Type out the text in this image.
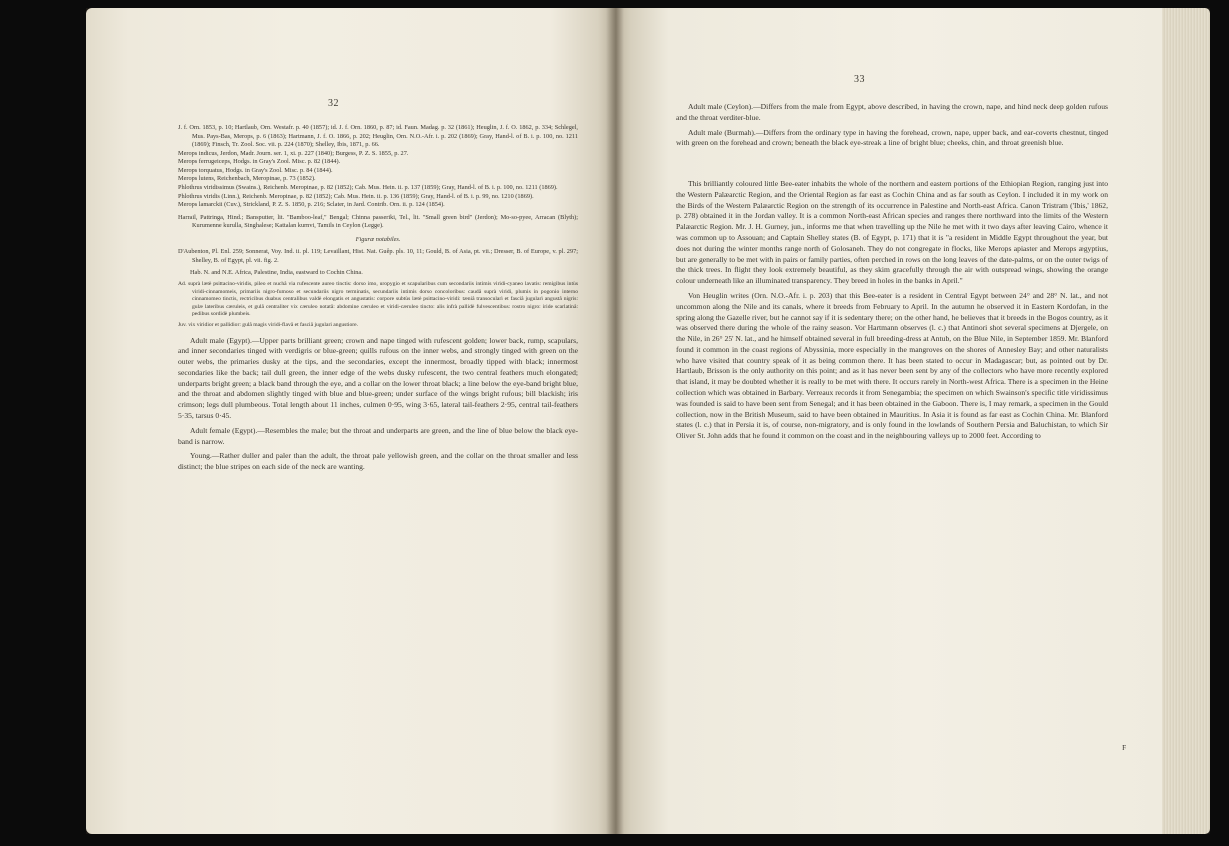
32

J. f. Orn. 1853, p. 10; Hartlaub, Orn. Westafr. p. 40 (1857); id. J. f. Orn. 1860, p. 87; id. Faun. Madag. p. 32 (1861); Heuglin, J. f. O. 1862, p. 334; Schlegel, Mus. Pays-Bas, Merops, p. 6 (1863); Hartmann, J. f. O. 1866, p. 202; Heuglin, Orn. N.O.-Afr. i. p. 202 (1869); Gray, Hand-l. of B. i. p. 100, no. 1211 (1869); Finsch, Tr. Zool. Soc. vii. p. 224 (1870); Shelley, Ibis, 1871, p. 66.

Merops indicus, Jerdon, Madr. Journ. ser. 1, xi. p. 227 (1840); Burgess, P. Z. S. 1855, p. 27.

Merops ferrugeiceps, Hodgs. in Gray's Zool. Misc. p. 82 (1844).

Merops torquatus, Hodgs. in Gray's Zool. Misc. p. 84 (1844).

Merops lutens, Reichenbach, Meropinae, p. 73 (1852).

Phlothrus viridissimus (Swains.), Reichenb. Meropinae, p. 82 (1852); Cab. Mus. Hein. ii. p. 137 (1859); Gray, Hand-l. of B. i. p. 100, no. 1211 (1869).

Phlothrus viridis (Linn.), Reichenb. Meropinae, p. 82 (1852); Cab. Mus. Hein. ii. p. 136 (1859); Gray, Hand-l. of B. i. p. 99, no. 1210 (1869).

Merops lamarckii (Cuv.), Strickland, P. Z. S. 1850, p. 216; Sclater, in Jard. Contrib. Orn. ii. p. 124 (1854).

Harrail, Pattringa, Hind.; Bansputter, lit. "Bamboo-leaf," Bengal; Chinna passeriki, Tel., lit. "Small green bird" (Jerdon); Mo-so-pyee, Arracan (Blyth); Kurumenne kurulla, Singhalese; Kattalan kurnvi, Tamils in Ceylon (Legge).

Figuræ notabiles.

D'Aubenton, Pl. Enl. 259; Sonnerat, Voy. Ind. ii. pl. 119; Levaillant, Hist. Nat. Guêp. pls. 10, 11; Gould, B. of Asia, pt. vii.; Dresser, B. of Europe, v. pl. 297; Shelley, B. of Egypt, pl. vii. fig. 2.

Hab. N. and N.E. Africa, Palestine, India, eastward to Cochin China.

Ad. suprà lætè psittacino-viridis, pileo et nuchâ via rufescente aureo tinctis: dorso imo, uropygio et scapularibus cum secondariis intimis viridi-cyaneo lavatis: remigibus intùs viridi-cinnamomeis, primariis nigro-fumoso et secundariis nigro terminatis, secundariis intimis dorso concoloribus: caudâ suprà viridi, plumis in pogonio interno cinnamomeo tinctis, rectricibus duabus centralibus valdè elongatis et angustatis: corpore subtùs lætè psittacino-viridi: tæniâ transocularì et fasciâ jugularì angustâ nigris: gulæ lateribus cæruleis, et gulâ centraliter vix cæruleo notatâ: abdomine cæruleo et viridi-cæruleo tincto: alis infrà pallidè fulvescentibus: rostro nigro: iride scarlatinâ: pedibus sordidè plumbeis.

Juv. vix viridior et pallidior: gulâ magis viridi-flavâ et fasciâ jugulari angustiore.

Adult male (Egypt).—Upper parts brilliant green; crown and nape tinged with rufescent golden; lower back, rump, scapulars, and inner secondaries tinged with verdigris or blue-green; quills rufous on the inner webs, and strongly tinged with green on the outer webs, the primaries dusky at the tips, and the secondaries, except the innermost, broadly tipped with black; innermost secondaries like the back; tail dull green, the inner edge of the webs dusky rufescent, the two central feathers much elongated; underparts bright green; a black band through the eye, and a collar on the lower throat black; a line below the eye-band bright blue, and the throat and abdomen slightly tinged with blue and blue-green; under surface of the wings bright rufous; bill blackish; iris crimson; legs dull plumbeous. Total length about 11 inches, culmen 0·95, wing 3·65, lateral tail-feathers 2·95, central tail-feathers 5·35, tarsus 0·45.

Adult female (Egypt).—Resembles the male; but the throat and underparts are green, and the line of blue below the black eye-band is narrow.

Young.—Rather duller and paler than the adult, the throat pale yellowish green, and the collar on the throat smaller and less distinct; the blue stripes on each side of the neck are wanting.

33

Adult male (Ceylon).—Differs from the male from Egypt, above described, in having the crown, nape, and hind neck deep golden rufous and the throat verditer-blue.

Adult male (Burmah).—Differs from the ordinary type in having the forehead, crown, nape, upper back, and ear-coverts chestnut, tinged with green on the forehead and crown; beneath the black eye-streak a line of bright blue; cheeks, chin, and throat greenish blue.

This brilliantly coloured little Bee-eater inhabits the whole of the northern and eastern portions of the Ethiopian Region, ranging just into the Western Palæarctic Region, and the Oriental Region as far east as Cochin China and as far south as Ceylon. I included it in my work on the Birds of the Western Palæarctic Region on the strength of its occurrence in Palestine and North-east Africa. Canon Tristram ('Ibis,' 1862, p. 278) obtained it in the Jordan valley. It is a common North-east African species and ranges there northward into the limits of the Western Palæarctic Region. Mr. J. H. Gurney, jun., informs me that when travelling up the Nile he met with it two days after leaving Cairo, whence it was common up to Assouan; and Captain Shelley states (B. of Egypt, p. 171) that it is "a resident in Middle Egypt throughout the year, but does not during the winter months range north of Golosaneh. They do not congregate in flocks, like Merops apiaster and Merops ægyptius, but are generally to be met with in pairs or family parties, often perched in rows on the long leaves of the date-palms, or on the outer twigs of the thick trees. In flight they look extremely beautiful, as they skim gracefully through the air with outspread wings, showing the orange colour underneath like an illuminated transparency. They breed in holes in the banks in April."

Von Heuglin writes (Orn. N.O.-Afr. i. p. 203) that this Bee-eater is a resident in Central Egypt between 24° and 28° N. lat., and not uncommon along the Nile and its canals, where it breeds from February to April. In the autumn he observed it in Eastern Kordofan, in the spring along the Gazelle river, but he cannot say if it is sedentary there; on the other hand, he believes that it breeds in the Bogos country, as it was observed there during the whole of the rainy season. Vor Hartmann observes (l. c.) that Antinori shot several specimens at Djergele, on the Nile, in 26° 25' N. lat., and he himself obtained several in full breeding-dress at Antub, on the Blue Nile, in September 1859. Mr. Blanford found it common in the coast regions of Abyssinia, more especially in the mangroves on the shores of Annesley Bay; and other naturalists who have visited that country speak of it as being common there. It has been stated to occur in Madagascar; but, as pointed out by Dr. Hartlaub, Brisson is the only authority on this point; and as it has never been sent by any of the collectors who have more recently explored that island, it may be doubted whether it is really to be met with there. It occurs rarely in North-west Africa. There is a specimen in the Heine collection which was obtained in Barbary. Verreaux records it from Senegambia; the specimen on which Swainson's specific title viridissimus was founded is said to have been sent from Senegal; and it has been obtained in the Gaboon. There is, I may remark, a specimen in the Gould collection, now in the British Museum, said to have been obtained in Mauritius. In Asia it is found as far east as Cochin China. Mr. Blanford states (l. c.) that in Persia it is, of course, non-migratory, and is only found in the lowlands of Southern Persia and Baluchistan, to which Sir Oliver St. John adds that he found it common on the coast and in the neighbouring valleys up to 2000 feet. According to

F
